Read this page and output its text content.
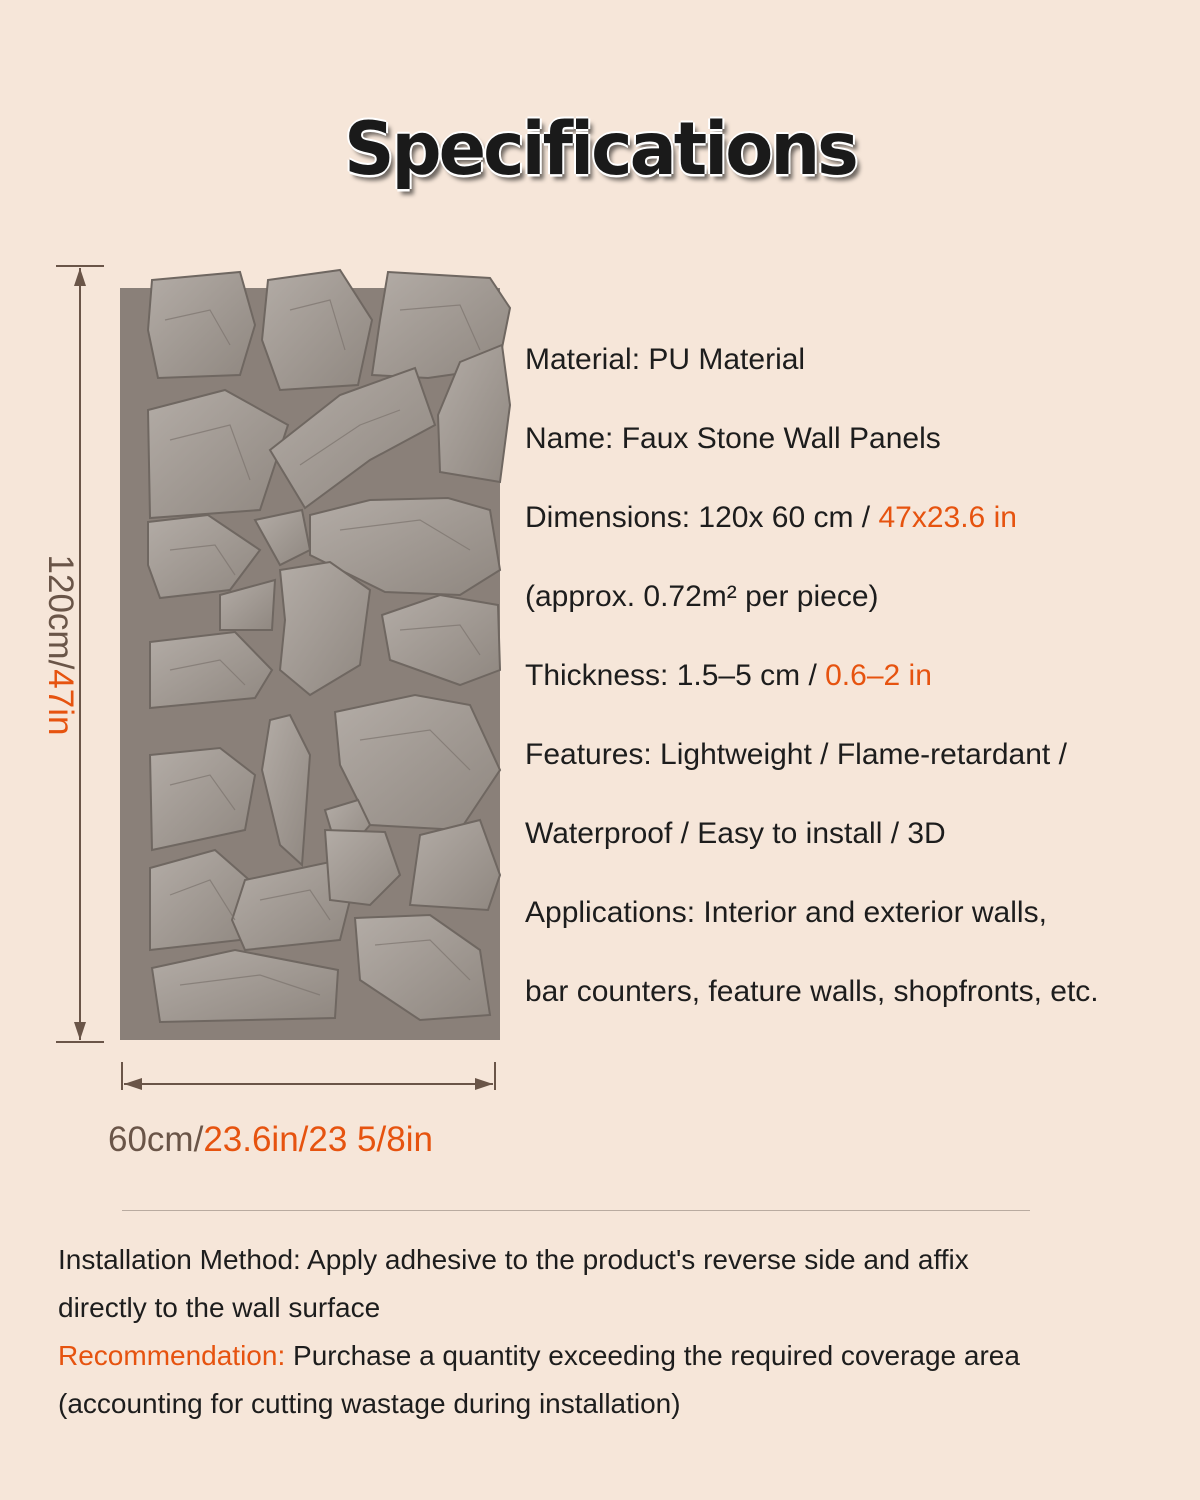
Specifications
120cm/47in
60cm/23.6in/23 5/8in
Material: PU Material
Name: Faux Stone Wall Panels
Dimensions: 120x 60 cm / 47x23.6 in
(approx. 0.72m² per piece)
Thickness: 1.5–5 cm / 0.6–2 in
Features: Lightweight / Flame-retardant /
Waterproof / Easy to install / 3D
Applications: Interior and exterior walls,
bar counters, feature walls, shopfronts, etc.
Installation Method: Apply adhesive to the product's reverse side and affix
directly to the wall surface
Recommendation: Purchase a quantity exceeding the required coverage area
(accounting for cutting wastage during installation)
